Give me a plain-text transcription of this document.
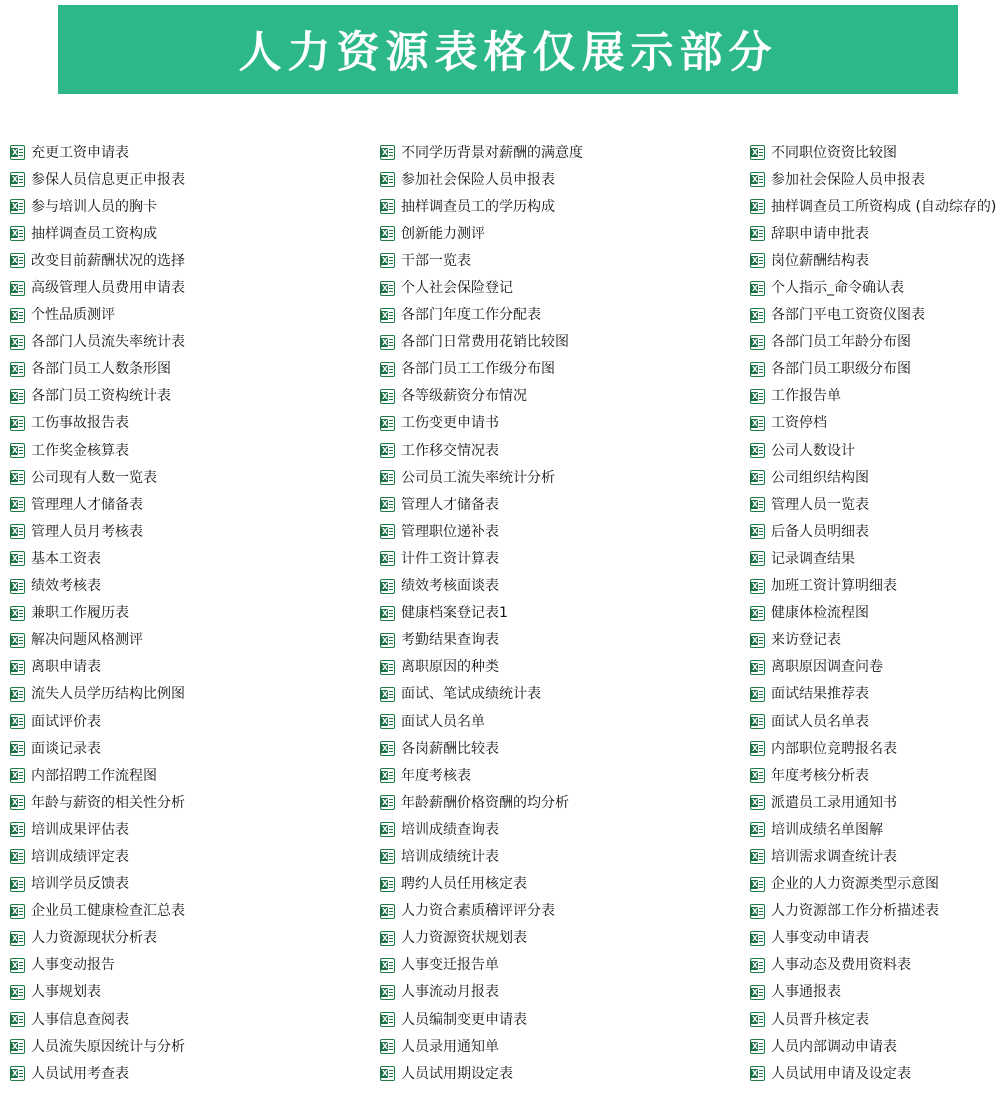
人力资源表格仅展示部分
X
充更工资申请表
X
参保人员信息更正申报表
X
参与培训人员的胸卡
X
抽样调查员工资构成
X
改变目前薪酬状况的选择
X
高级管理人员费用申请表
X
个性品质测评
X
各部门人员流失率统计表
X
各部门员工人数条形图
X
各部门员工资构统计表
X
工伤事故报告表
X
工作奖金核算表
X
公司现有人数一览表
X
管理理人才储备表
X
管理人员月考核表
X
基本工资表
X
绩效考核表
X
兼职工作履历表
X
解决问题风格测评
X
离职申请表
X
流失人员学历结构比例图
X
面试评价表
X
面谈记录表
X
内部招聘工作流程图
X
年龄与薪资的相关性分析
X
培训成果评估表
X
培训成绩评定表
X
培训学员反馈表
X
企业员工健康检查汇总表
X
人力资源现状分析表
X
人事变动报告
X
人事规划表
X
人事信息查阅表
X
人员流失原因统计与分析
X
人员试用考查表
X
不同学历背景对薪酬的满意度
X
参加社会保险人员申报表
X
抽样调查员工的学历构成
X
创新能力测评
X
干部一览表
X
个人社会保险登记
X
各部门年度工作分配表
X
各部门日常费用花销比较图
X
各部门员工工作级分布图
X
各等级薪资分布情况
X
工伤变更申请书
X
工作移交情况表
X
公司员工流失率统计分析
X
管理人才储备表
X
管理职位递补表
X
计件工资计算表
X
绩效考核面谈表
X
健康档案登记表1
X
考勤结果查询表
X
离职原因的种类
X
面试、笔试成绩统计表
X
面试人员名单
X
各岗薪酬比较表
X
年度考核表
X
年龄薪酬价格资酬的均分析
X
培训成绩查询表
X
培训成绩统计表
X
聘约人员任用核定表
X
人力资合素质稽评评分表
X
人力资源资状规划表
X
人事变迁报告单
X
人事流动月报表
X
人员编制变更申请表
X
人员录用通知单
X
人员试用期设定表
X
不同职位资资比较图
X
参加社会保险人员申报表
X
抽样调查员工所资构成 (自动综存的)
X
辞职申请申批表
X
岗位薪酬结构表
X
个人指示_命令确认表
X
各部门平电工资资仪图表
X
各部门员工年龄分布图
X
各部门员工职级分布图
X
工作报告单
X
工资停档
X
公司人数设计
X
公司组织结构图
X
管理人员一览表
X
后备人员明细表
X
记录调查结果
X
加班工资计算明细表
X
健康体检流程图
X
来访登记表
X
离职原因调查问卷
X
面试结果推荐表
X
面试人员名单表
X
内部职位竞聘报名表
X
年度考核分析表
X
派遣员工录用通知书
X
培训成绩名单图解
X
培训需求调查统计表
X
企业的人力资源类型示意图
X
人力资源部工作分析描述表
X
人事变动申请表
X
人事动态及费用资料表
X
人事通报表
X
人员晋升核定表
X
人员内部调动申请表
X
人员试用申请及设定表
